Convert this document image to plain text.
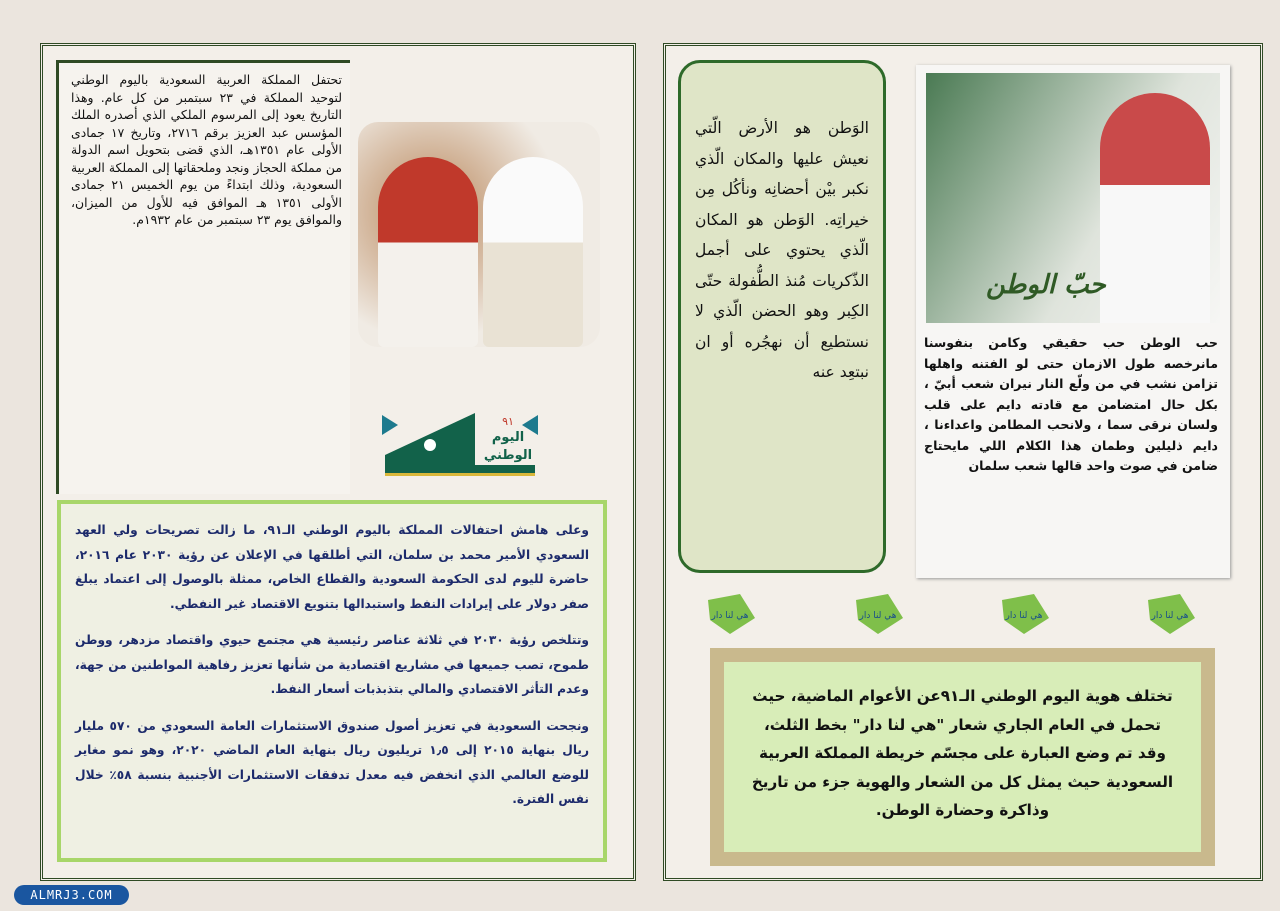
تحتفل المملكة العربية السعودية باليوم الوطني لتوحيد المملكة في ٢٣ سبتمبر من كل عام. وهذا التاريخ يعود إلى المرسوم الملكي الذي أصدره الملك المؤسس عبد العزيز برقم ٢٧١٦، وتاريخ ١٧ جمادى الأولى عام ١٣٥١هـ، الذي قضى بتحويل اسم الدولة من مملكة الحجاز ونجد وملحقاتها إلى المملكة العربية السعودية، وذلك ابتداءً من يوم الخميس ٢١ جمادى الأولى ١٣٥١ هـ الموافق فيه للأول من الميزان، والموافق يوم ٢٣ سبتمبر من عام ١٩٣٢م.

٩١
اليوم
الوطني

وعلى هامش احتفالات المملكة باليوم الوطني الـ٩١، ما زالت تصريحات ولي العهد السعودي الأمير محمد بن سلمان، التي أطلقها في الإعلان عن رؤية ٢٠٣٠ عام ٢٠١٦، حاضرة لليوم لدى الحكومة السعودية والقطاع الخاص، ممثلة بالوصول إلى اعتماد يبلغ صفر دولار على إيرادات النفط واستبدالها بتنويع الاقتصاد غير النفطي.

وتتلخص رؤية ٢٠٣٠ في ثلاثة عناصر رئيسية هي مجتمع حيوي واقتصاد مزدهر، ووطن طموح، تصب جميعها في مشاريع اقتصادية من شأنها تعزيز رفاهية المواطنين من جهة، وعدم التأثر الاقتصادي والمالي بتذبذبات أسعار النفط.

ونجحت السعودية في تعزيز أصول صندوق الاستثمارات العامة السعودي من ٥٧٠ مليار ريال بنهاية ٢٠١٥ إلى ١٫٥ تريليون ريال بنهاية العام الماضي ٢٠٢٠، وهو نمو مغاير للوضع العالمي الذي انخفض فيه معدل تدفقات الاستثمارات الأجنبية بنسبة ٥٨٪ خلال نفس الفترة.

الوَطن هو الأرض الّتي نعيش عليها والمكان الّذي نكبر بيْن أحضانِه ونأكُل مِن خيراتِه. الوَطن هو المكان الّذي يحتوي على أجمل الذّكريات مُنذ الطُّفولة حتّى الكِبر وهو الحضن الّذي لا نستطيع أن نهجُره أو ان نبتعِد عنه

حبّ الوطن

حب الوطن حب حقيقي وكامن بنفوسنا مانرخصه طول الازمان حتى لو الفتنه واهلها تزامن نشب في من ولّع النار نيران شعب أبيّ ، بكل حال امتضامن مع قادته دايم على قلب ولسان نرقى سما ، ولانحب المطامن واعداءنا ، دايم ذليلين وطمان هذا الكلام اللي مايحتاج ضامن في صوت واحد قالها شعب سلمان

هي لنا دار	هي لنا دار	هي لنا دار	هي لنا دار
تختلف هوية اليوم الوطني الـ٩١عن الأعوام الماضية، حيث تحمل في العام الجاري شعار "هي لنا دار" بخط الثلث، وقد تم وضع العبارة على مجسّم خريطة المملكة العربية السعودية حيث يمثل كل من الشعار والهوية جزء من تاريخ وذاكرة وحضارة الوطن.
ALMRJ3.COM
